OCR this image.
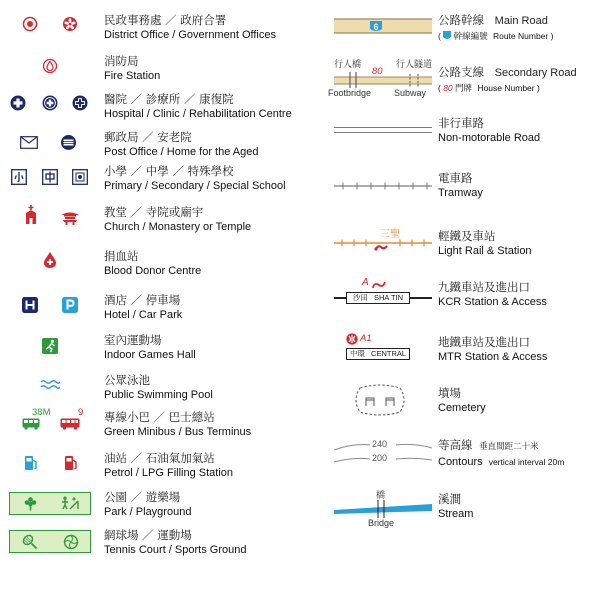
民政事務處 ／ 政府合署
District Office / Government Offices
消防局
Fire Station
醫院 ／ 診療所 ／ 康復院
Hospital / Clinic / Rehabilitation Centre
郵政局 ／ 安老院
Post Office / Home for the Aged
小學 ／ 中學 ／ 特殊學校
Primary / Secondary / Special School
教堂 ／ 寺院或廟宇
Church / Monastery or Temple
捐血站
Blood Donor Centre
酒店 ／ 停車場
Hotel / Car Park
室內運動場
Indoor Games Hall
公眾泳池
Public Swimming Pool
38M	9 專線小巴 ／ 巴士總站
Green Minibus / Bus Terminus
油站 ／ 石油氣加氣站
Petrol / LPG Filling Station
公園 ／ 遊樂場
Park / Playground
網球場 ／ 運動場
Tennis Court / Sports Ground
6	公路幹線 Main Road
(  幹線編號 Route Number )
行人橋	行人隧道
80
Footbridge	Subway
公路支線 Secondary Road
( 80 門牌 House Number )
非行車路
Non-motorable Road
電車路
Tramway
三聖	輕鐵及車站
Light Rail & Station
A
沙田 SHA TIN
九鐵車站及進出口
KCR Station & Access
A1
中環 CENTRAL
地鐵車站及進出口
MTR Station & Access
墳場
Cemetery
240
200
等高線 垂直間距二十米
Contours vertical interval 20m
橋
Bridge
溪澗
Stream
